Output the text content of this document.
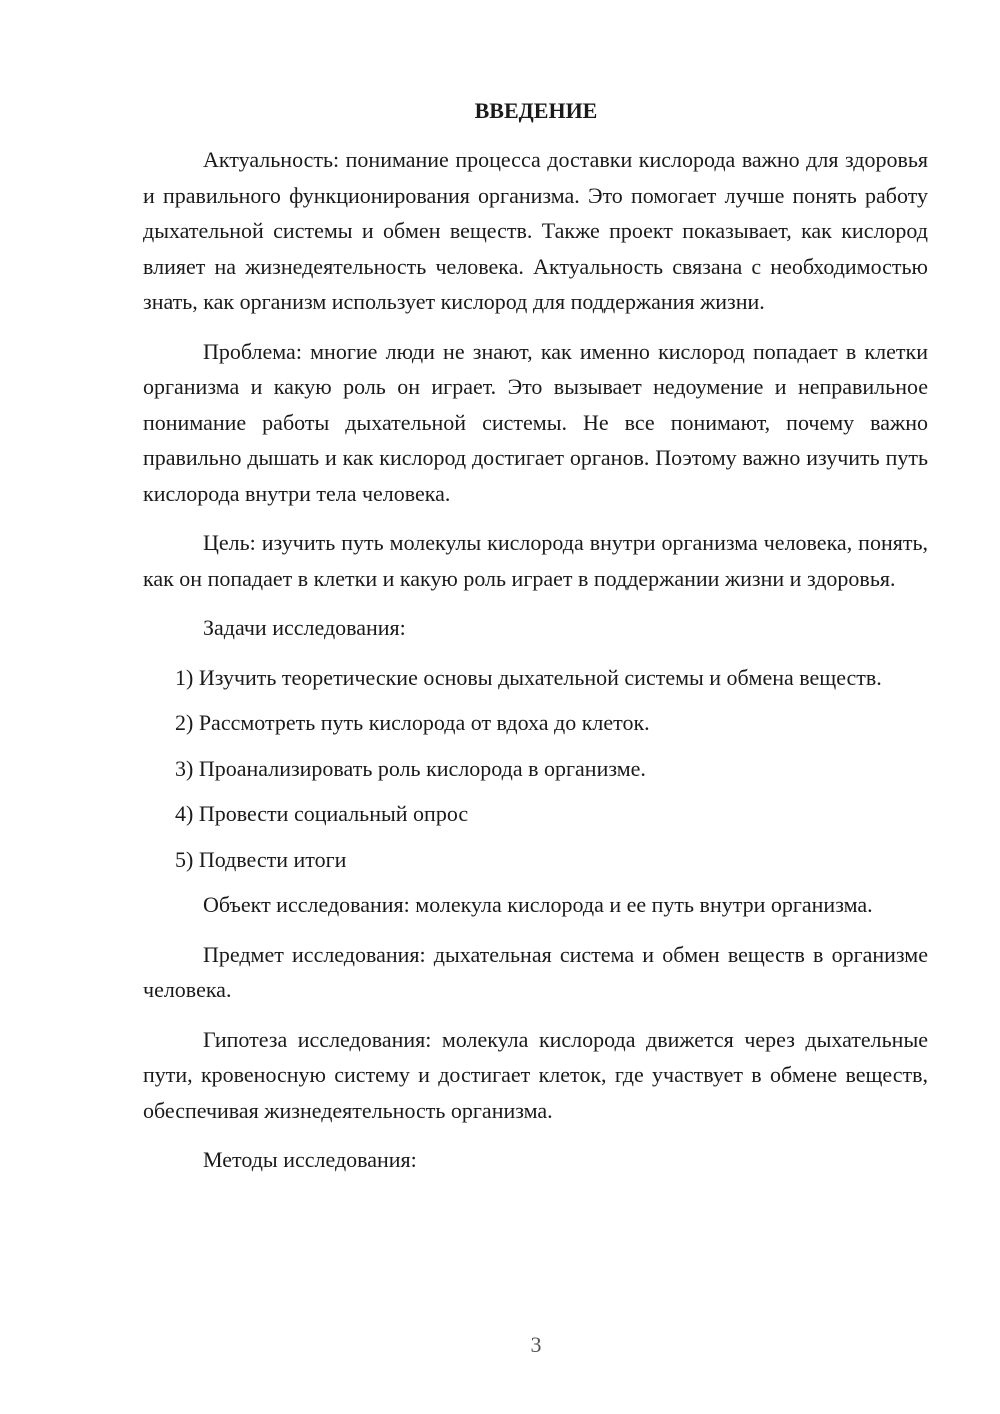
ВВЕДЕНИЕ

Актуальность: понимание процесса доставки кислорода важно для здоровья и правильного функционирования организма. Это помогает лучше понять работу дыхательной системы и обмен веществ. Также проект показывает, как кислород влияет на жизнедеятельность человека. Актуальность связана с необходимостью знать, как организм использует кислород для поддержания жизни.

Проблема: многие люди не знают, как именно кислород попадает в клетки организма и какую роль он играет. Это вызывает недоумение и неправильное понимание работы дыхательной системы. Не все понимают, почему важно правильно дышать и как кислород достигает органов. Поэтому важно изучить путь кислорода внутри тела человека.

Цель: изучить путь молекулы кислорода внутри организма человека, понять, как он попадает в клетки и какую роль играет в поддержании жизни и здоровья.

Задачи исследования:

1) Изучить теоретические основы дыхательной системы и обмена веществ.

2) Рассмотреть путь кислорода от вдоха до клеток.

3) Проанализировать роль кислорода в организме.

4) Провести социальный опрос

5) Подвести итоги

Объект исследования: молекула кислорода и ее путь внутри организма.

Предмет исследования: дыхательная система и обмен веществ в организме человека.

Гипотеза исследования: молекула кислорода движется через дыхательные пути, кровеносную систему и достигает клеток, где участвует в обмене веществ, обеспечивая жизнедеятельность организма.

Методы исследования:

3
